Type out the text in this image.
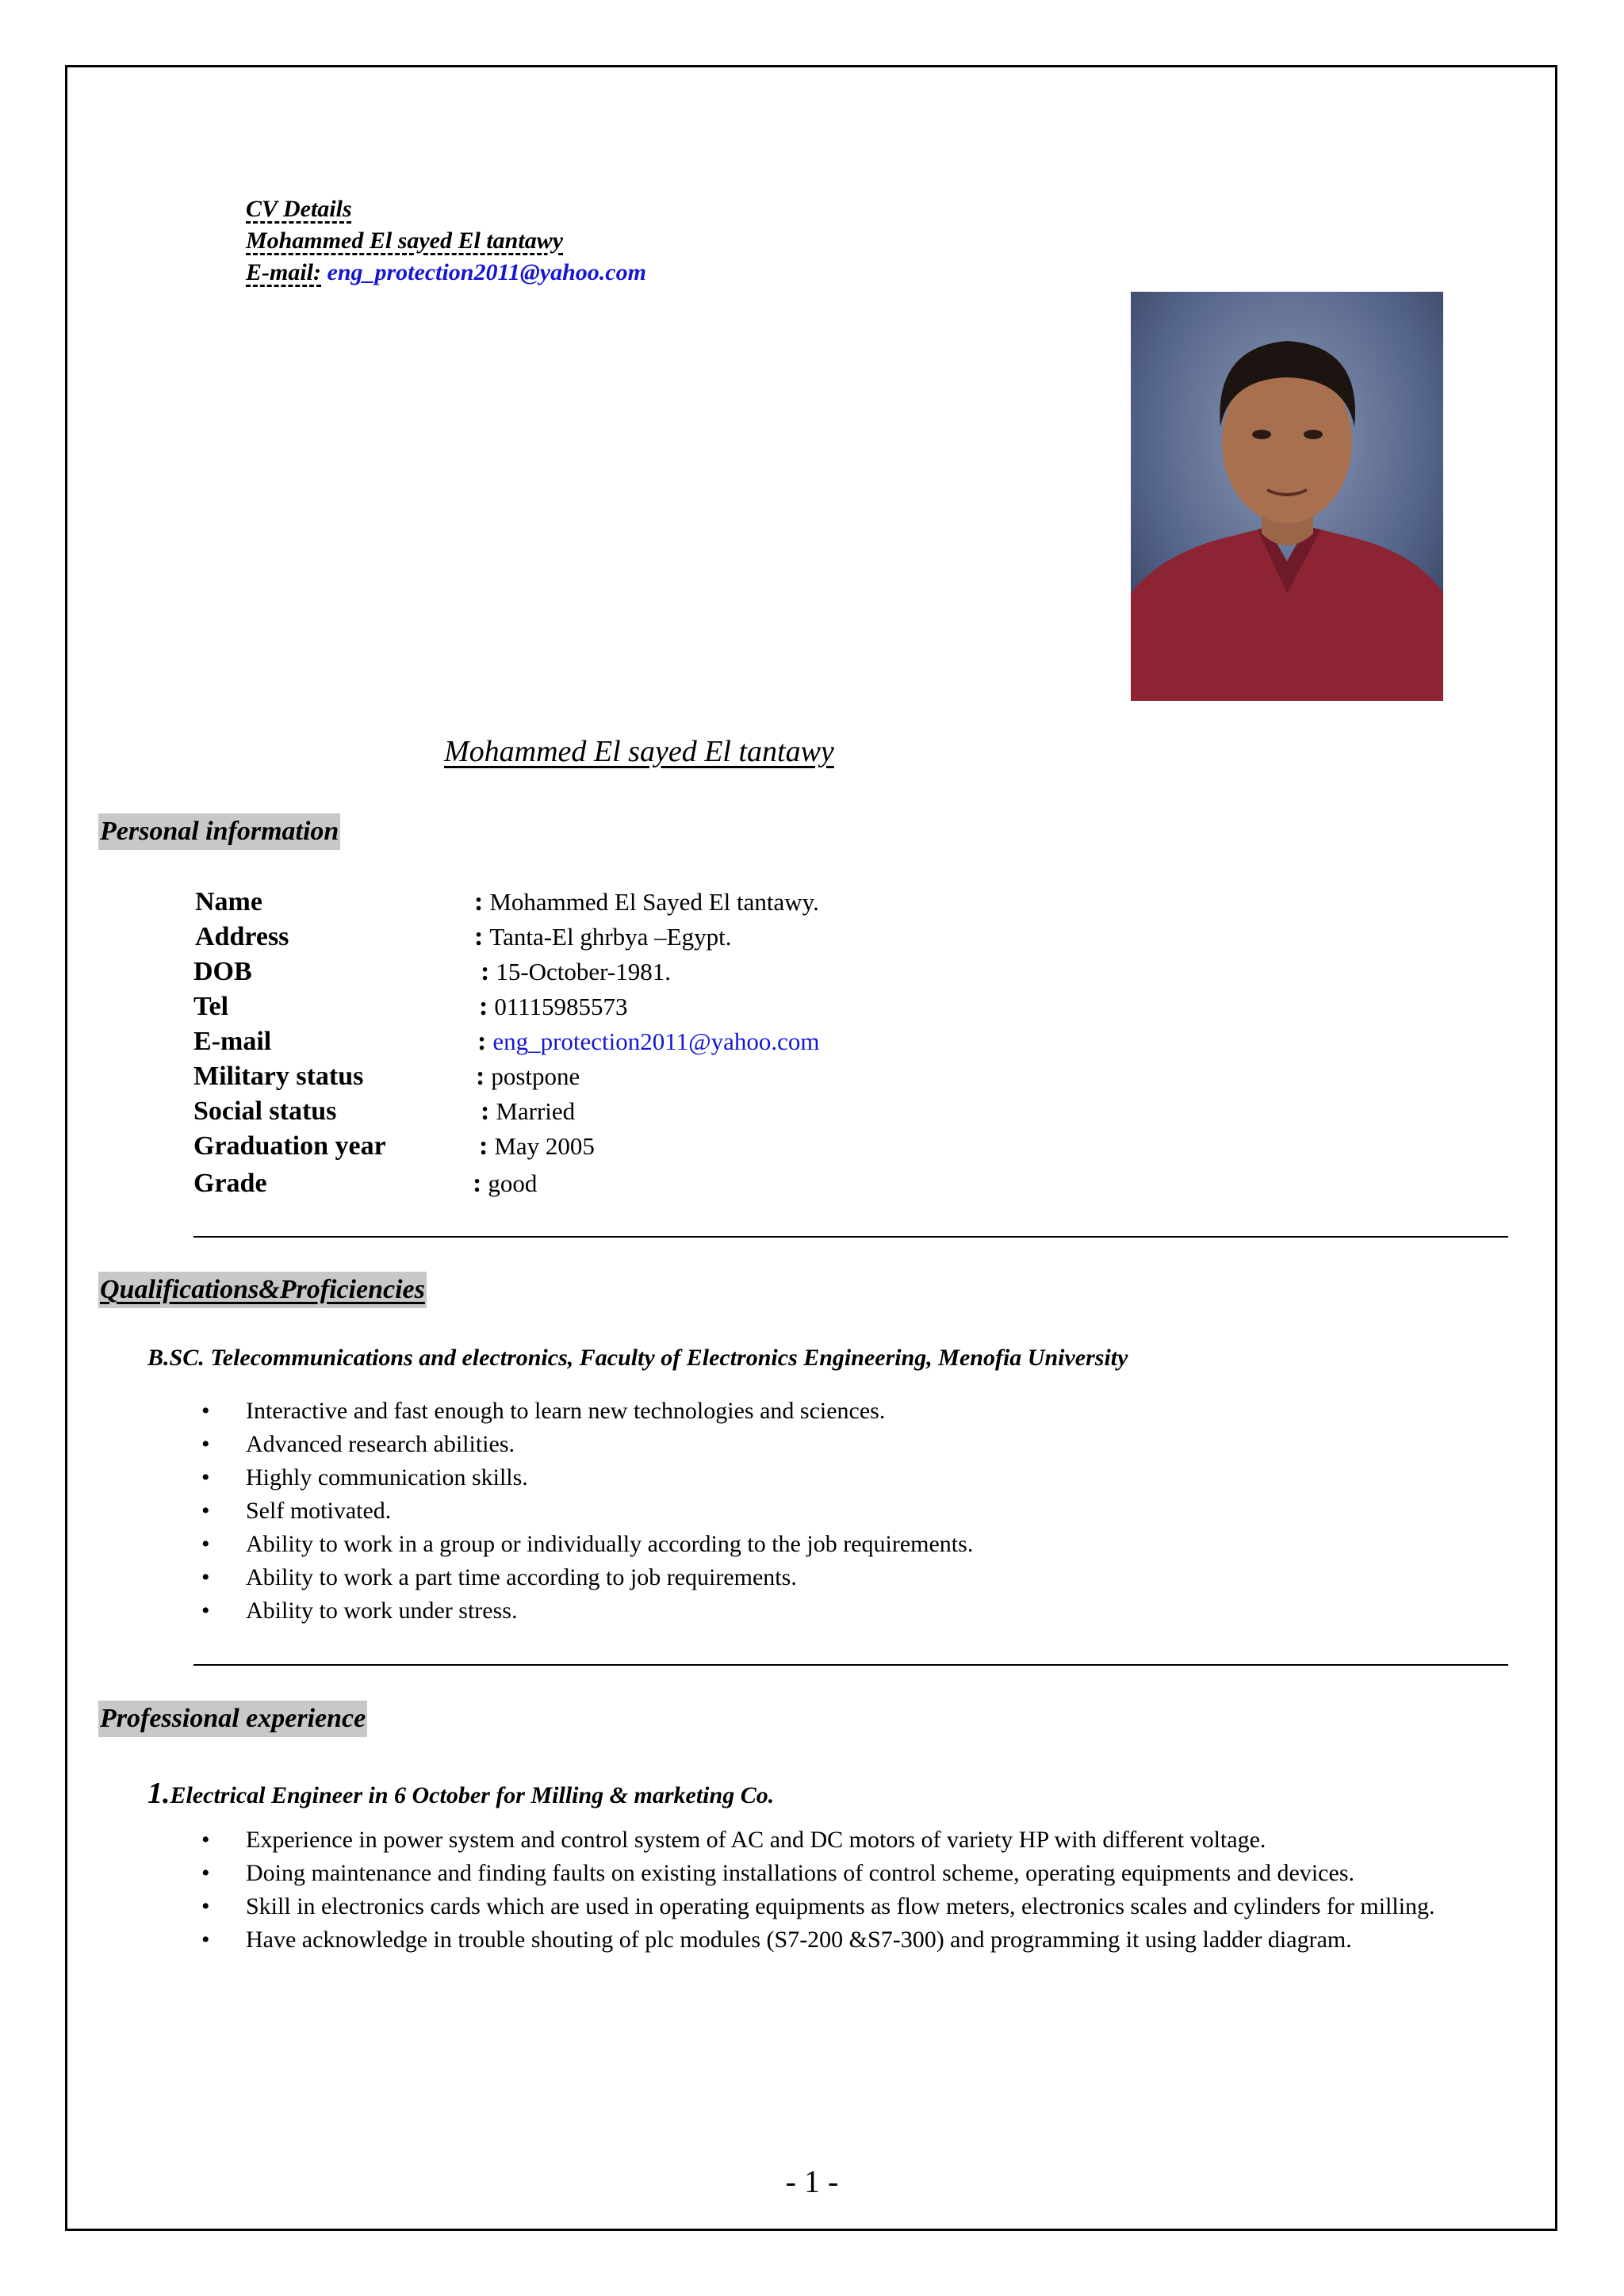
CV Details
Mohammed El sayed El tantawy
E-mail: eng_protection2011@yahoo.com
Mohammed El sayed El tantawy
Personal information
Name	: Mohammed El Sayed El tantawy.
Address	: Tanta-El ghrbya –Egypt.
DOB	: 15-October-1981.
Tel	: 01115985573
E-mail	: eng_protection2011@yahoo.com
Military status	: postpone
Social status	: Married
Graduation year	: May 2005
Grade	: good
Qualifications&Proficiencies
B.SC. Telecommunications and electronics, Faculty of Electronics Engineering, Menofia University
•
Interactive and fast enough to learn new technologies and sciences.
•
Advanced research abilities.
•
Highly communication skills.
•
Self motivated.
•
Ability to work in a group or individually according to the job requirements.
•
Ability to work a part time according to job requirements.
•
Ability to work under stress.
Professional experience
1.Electrical Engineer in 6 October for Milling & marketing Co.
•
Experience in power system and control system of AC and DC motors of variety HP with different voltage.
•
Doing maintenance and finding faults on existing installations of control scheme, operating equipments and devices.
•
Skill in electronics cards which are used in operating equipments as flow meters, electronics scales and cylinders for milling.
•
Have acknowledge in trouble shouting of plc modules (S7-200 &S7-300) and programming it using ladder diagram.
- 1 -
